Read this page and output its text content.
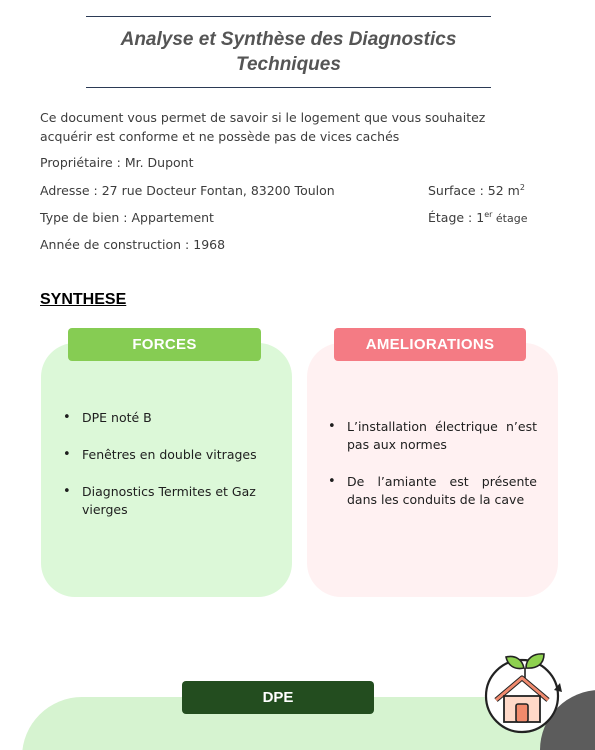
Analyse et Synthèse des Diagnostics
Techniques

Ce document vous permet de savoir si le logement que vous souhaitez acquérir est conforme et ne possède pas de vices cachés

Propriétaire : Mr. Dupont
Adresse : 27 rue Docteur Fontan, 83200 Toulon	Surface : 52 $m^2$
Type de bien : Appartement	Étage : 1er étage
Année de construction : 1968
SYNTHESE
FORCES	AMELIORATIONS
• DPE noté B
• Fenêtres en double vitrages
• Diagnostics Termites et Gaz vierges
• L’installation électrique n’est pas aux normes
• De l’amiante est présente dans les conduits de la cave
DPE
